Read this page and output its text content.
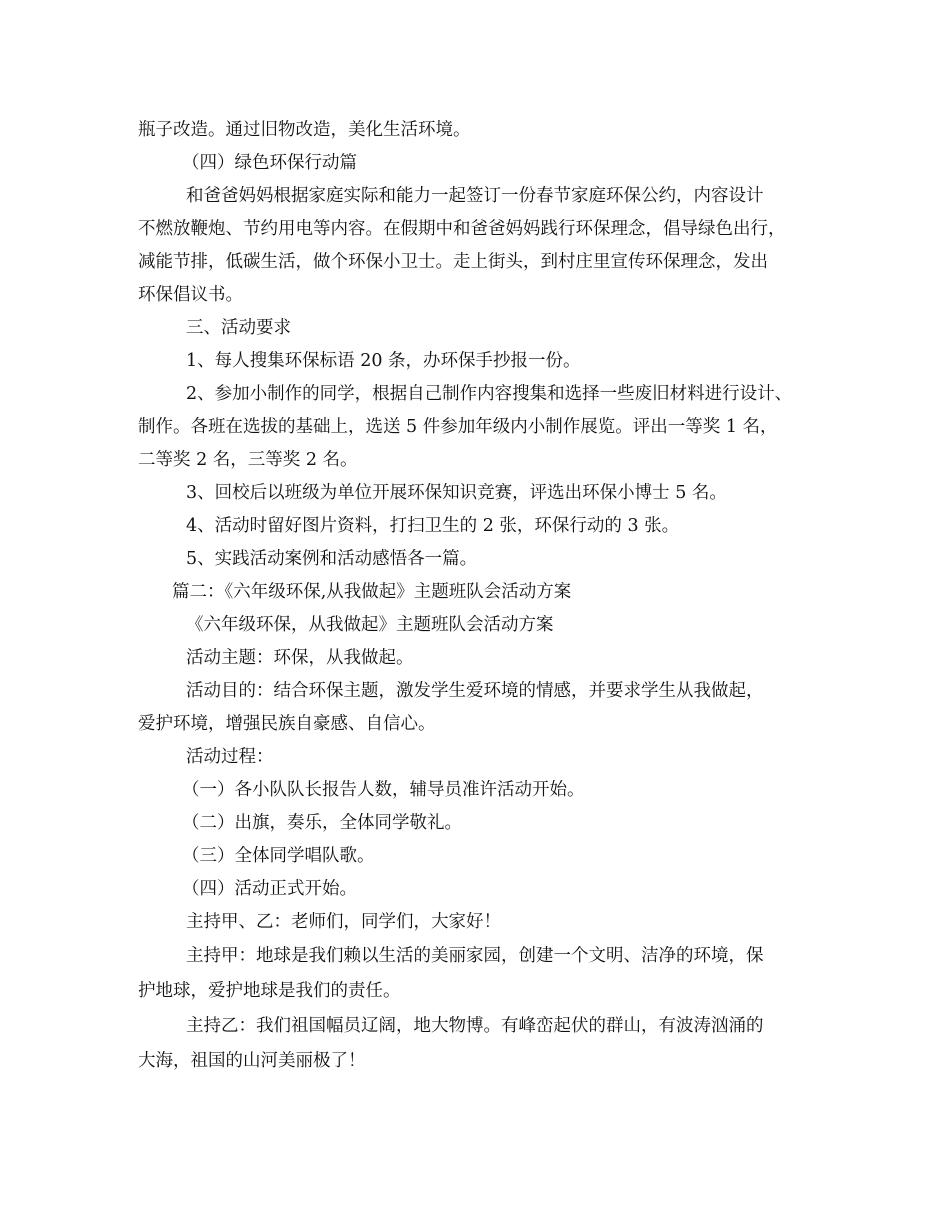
瓶子改造。通过旧物改造，美化生活环境。
（四）绿色环保行动篇
和爸爸妈妈根据家庭实际和能力一起签订一份春节家庭环保公约，内容设计
不燃放鞭炮、节约用电等内容。在假期中和爸爸妈妈践行环保理念，倡导绿色出行，
减能节排，低碳生活，做个环保小卫士。走上街头，到村庄里宣传环保理念，发出
环保倡议书。
三、活动要求
1、每人搜集环保标语 20 条，办环保手抄报一份。
2、参加小制作的同学，根据自己制作内容搜集和选择一些废旧材料进行设计、
制作。各班在选拔的基础上，选送 5 件参加年级内小制作展览。评出一等奖 1 名，
二等奖 2 名，三等奖 2 名。
3、回校后以班级为单位开展环保知识竞赛，评选出环保小博士 5 名。
4、活动时留好图片资料，打扫卫生的 2 张，环保行动的 3 张。
5、实践活动案例和活动感悟各一篇。
篇二：《六年级环保,从我做起》主题班队会活动方案
《六年级环保，从我做起》主题班队会活动方案
活动主题：环保，从我做起。
活动目的：结合环保主题，激发学生爱环境的情感，并要求学生从我做起，
爱护环境，增强民族自豪感、自信心。
活动过程：
（一）各小队队长报告人数，辅导员准许活动开始。
（二）出旗，奏乐，全体同学敬礼。
（三）全体同学唱队歌。
（四）活动正式开始。
主持甲、乙：老师们，同学们，大家好！
主持甲：地球是我们赖以生活的美丽家园，创建一个文明、洁净的环境，保
护地球，爱护地球是我们的责任。
主持乙：我们祖国幅员辽阔，地大物博。有峰峦起伏的群山，有波涛汹涌的
大海，祖国的山河美丽极了！
